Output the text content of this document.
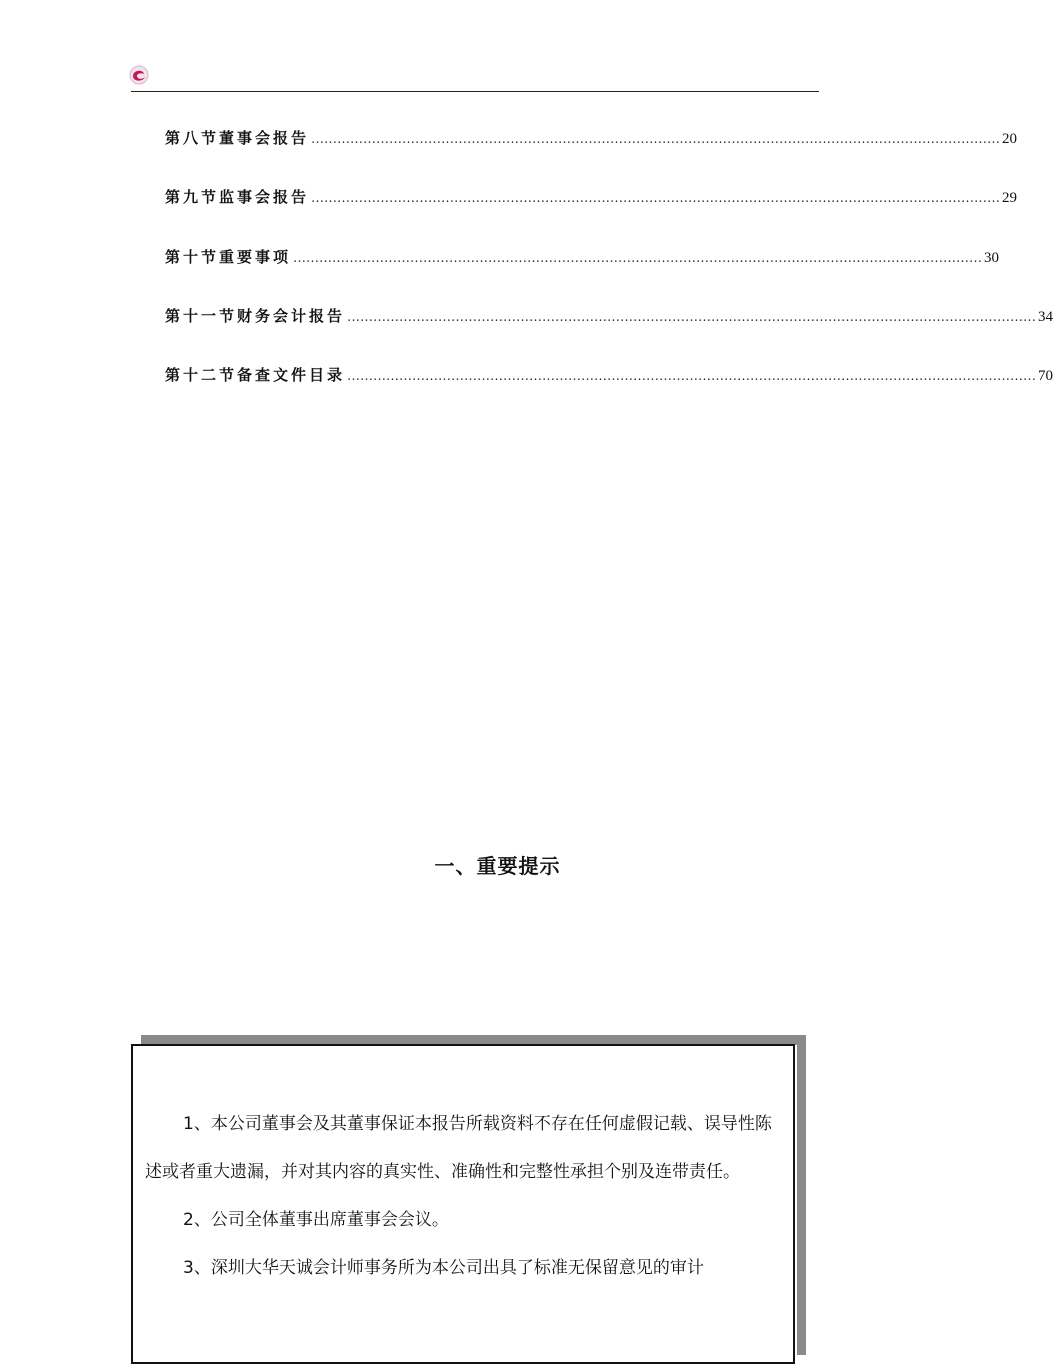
第八节 董事会报告 …………………………………………………………………………………………………………………………………………… 20
第九节 监事会报告 …………………………………………………………………………………………………………………………………………… 29
第十节 重要事项 …………………………………………………………………………………………………………………………………………… 30
第十一节 财务会计报告 …………………………………………………………………………………………………………………………………………… 34
第十二节 备查文件目录 …………………………………………………………………………………………………………………………………………… 70
一、重要提示

1、本公司董事会及其董事保证本报告所载资料不存在任何虚假记载、误导性陈述或者重大遗漏，并对其内容的真实性、准确性和完整性承担个别及连带责任。

2、公司全体董事出席董事会会议。

3、深圳大华天诚会计师事务所为本公司出具了标准无保留意见的审计
